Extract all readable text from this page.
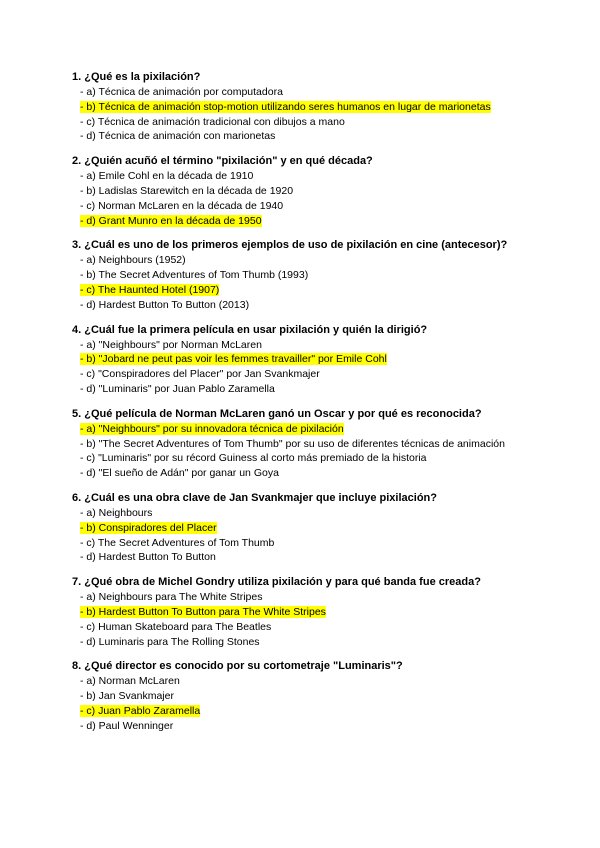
1. ¿Qué es la pixilación?
- a) Técnica de animación por computadora
- b) Técnica de animación stop-motion utilizando seres humanos en lugar de marionetas
- c) Técnica de animación tradicional con dibujos a mano
- d) Técnica de animación con marionetas
2. ¿Quién acuñó el término "pixilación" y en qué década?
- a) Emile Cohl en la década de 1910
- b) Ladislas Starewitch en la década de 1920
- c) Norman McLaren en la década de 1940
- d) Grant Munro en la década de 1950
3. ¿Cuál es uno de los primeros ejemplos de uso de pixilación en cine (antecesor)?
- a) Neighbours (1952)
- b) The Secret Adventures of Tom Thumb (1993)
- c) The Haunted Hotel (1907)
- d) Hardest Button To Button (2013)
4. ¿Cuál fue la primera película en usar pixilación y quién la dirigió?
- a) "Neighbours" por Norman McLaren
- b) "Jobard ne peut pas voir les femmes travailler" por Emile Cohl
- c) "Conspiradores del Placer" por Jan Svankmajer
- d) "Luminaris" por Juan Pablo Zaramella
5. ¿Qué película de Norman McLaren ganó un Oscar y por qué es reconocida?
- a) "Neighbours" por su innovadora técnica de pixilación
- b) "The Secret Adventures of Tom Thumb" por su uso de diferentes técnicas de animación
- c) "Luminaris" por su récord Guiness al corto más premiado de la historia
- d) "El sueño de Adán" por ganar un Goya
6. ¿Cuál es una obra clave de Jan Svankmajer que incluye pixilación?
- a) Neighbours
- b) Conspiradores del Placer
- c) The Secret Adventures of Tom Thumb
- d) Hardest Button To Button
7. ¿Qué obra de Michel Gondry utiliza pixilación y para qué banda fue creada?
- a) Neighbours para The White Stripes
- b) Hardest Button To Button para The White Stripes
- c) Human Skateboard para The Beatles
- d) Luminaris para The Rolling Stones
8. ¿Qué director es conocido por su cortometraje "Luminaris"?
- a) Norman McLaren
- b) Jan Svankmajer
- c) Juan Pablo Zaramella
- d) Paul Wenninger
